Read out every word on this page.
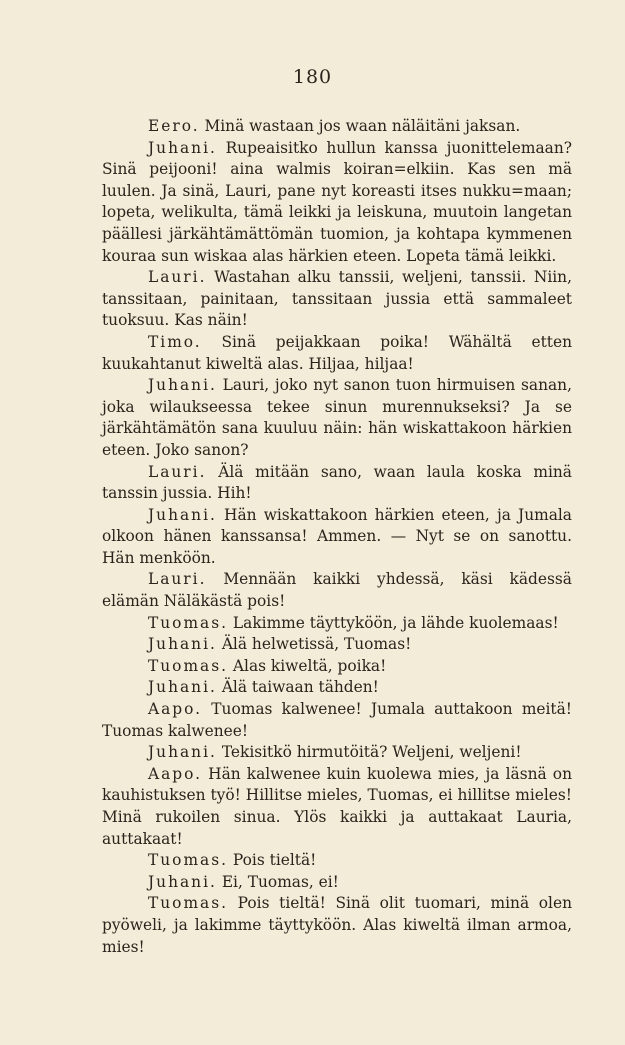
180

Eero. Minä wastaan jos waan näläitäni jaksan.

Juhani. Rupeaisitko hullun kanssa juonittelemaan? Sinä peijooni! aina walmis koiran=elkiin. Kas sen mä luulen. Ja sinä, Lauri, pane nyt koreasti itses nukku=maan; lopeta, welikulta, tämä leikki ja leiskuna, muutoin langetan päällesi järkähtämättömän tuomion, ja kohtapa kymmenen kouraa sun wiskaa alas härkien eteen. Lopeta tämä leikki.

Lauri. Wastahan alku tanssii, weljeni, tanssii. Niin, tanssitaan, painitaan, tanssitaan jussia että sammaleet tuoksuu. Kas näin!

Timo. Sinä peijakkaan poika! Wähältä etten kuukahtanut kiweltä alas. Hiljaa, hiljaa!

Juhani. Lauri, joko nyt sanon tuon hirmuisen sanan, joka wilaukseessa tekee sinun murennukseksi? Ja se järkähtämätön sana kuuluu näin: hän wiskattakoon härkien eteen. Joko sanon?

Lauri. Älä mitään sano, waan laula koska minä tanssin jussia. Hih!

Juhani. Hän wiskattakoon härkien eteen, ja Jumala olkoon hänen kanssansa! Ammen. — Nyt se on sanottu. Hän menköön.

Lauri. Mennään kaikki yhdessä, käsi kädessä elämän Näläkästä pois!

Tuomas. Lakimme täyttyköön, ja lähde kuolemaas!

Juhani. Älä helwetissä, Tuomas!

Tuomas. Alas kiweltä, poika!

Juhani. Älä taiwaan tähden!

Aapo. Tuomas kalwenee! Jumala auttakoon meitä! Tuomas kalwenee!

Juhani. Tekisitkö hirmutöitä? Weljeni, weljeni!

Aapo. Hän kalwenee kuin kuolewa mies, ja läsnä on kauhistuksen työ! Hillitse mieles, Tuomas, ei hillitse mieles! Minä rukoilen sinua. Ylös kaikki ja auttakaat Lauria, auttakaat!

Tuomas. Pois tieltä!

Juhani. Ei, Tuomas, ei!

Tuomas. Pois tieltä! Sinä olit tuomari, minä olen pyöweli, ja lakimme täyttyköön. Alas kiweltä ilman armoa, mies!
